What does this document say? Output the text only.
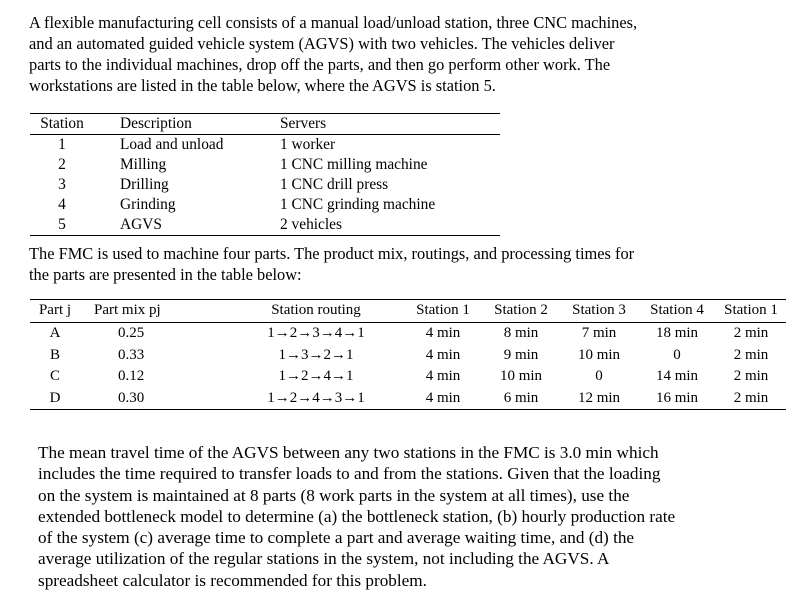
A flexible manufacturing cell consists of a manual load/unload station, three CNC machines,
and an automated guided vehicle system (AGVS) with two vehicles. The vehicles deliver
parts to the individual machines, drop off the parts, and then go perform other work. The
workstations are listed in the table below, where the AGVS is station 5.
Station	Description	Servers
1	Load and unload	1 worker
2	Milling	1 CNC milling machine
3	Drilling	1 CNC drill press
4	Grinding	1 CNC grinding machine
5	AGVS	2 vehicles
The FMC is used to machine four parts. The product mix, routings, and processing times for
the parts are presented in the table below:
Part j	Part mix pj	Station routing	Station 1	Station 2	Station 3	Station 4	Station 1
A	0.25	1→2→3→4→1	4 min	8 min	7 min	18 min	2 min
B	0.33	1→3→2→1	4 min	9 min	10 min	0	2 min
C	0.12	1→2→4→1	4 min	10 min	0	14 min	2 min
D	0.30	1→2→4→3→1	4 min	6 min	12 min	16 min	2 min
The mean travel time of the AGVS between any two stations in the FMC is 3.0 min which
includes the time required to transfer loads to and from the stations. Given that the loading
on the system is maintained at 8 parts (8 work parts in the system at all times), use the
extended bottleneck model to determine (a) the bottleneck station, (b) hourly production rate
of the system (c) average time to complete a part and average waiting time, and (d) the
average utilization of the regular stations in the system, not including the AGVS. A
spreadsheet calculator is recommended for this problem.
